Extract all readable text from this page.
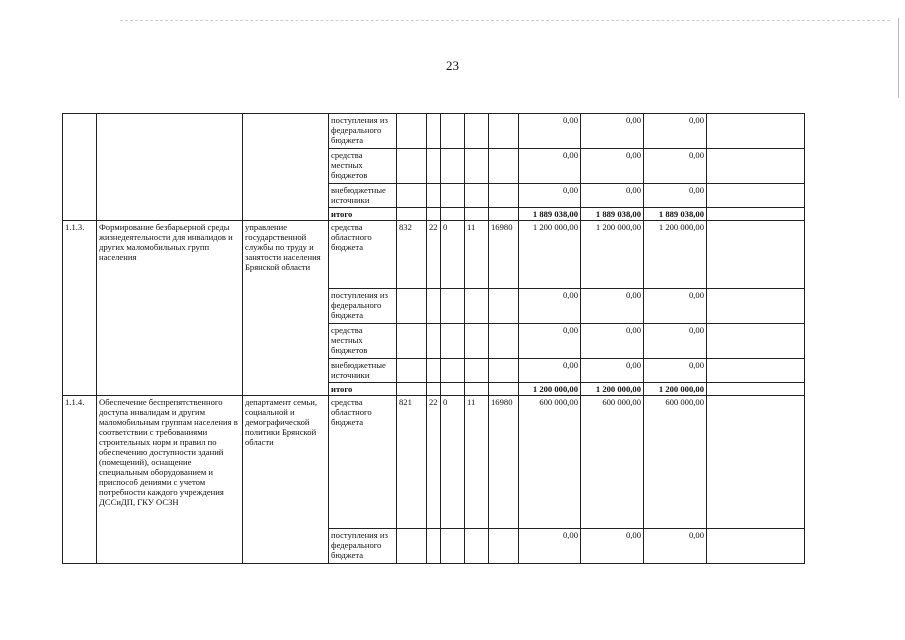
23
			поступления из федерального бюджета						0,00	0,00	0,00	
			средства местных бюджетов						0,00	0,00	0,00	
			внебюджетные источники						0,00	0,00	0,00	
			итого						1 889 038,00	1 889 038,00	1 889 038,00	
1.1.3.	Формирование безбарьерной среды жизнедеятельности для инвалидов и других маломобильных групп населения	управление государственной службы по труду и занятости населения Брянской области	средства областного бюджета	832	22	0	11	16980	1 200 000,00	1 200 000,00	1 200 000,00	
			поступления из федерального бюджета						0,00	0,00	0,00	
			средства местных бюджетов						0,00	0,00	0,00	
			внебюджетные источники						0,00	0,00	0,00	
			итого						1 200 000,00	1 200 000,00	1 200 000,00	
1.1.4.	Обеспечение беспрепятственного доступа инвалидам и другим маломобильным группам населения в соответствии с требованиями строительных норм и правил по обеспечению доступности зданий (помещений), оснащение специальным оборудованием и приспособ дениями с учетом потребности каждого учреждения ДССиДП, ГКУ ОСЗН	департамент семьи, социальной и демографической политики Брянской области	средства областного бюджета	821	22	0	11	16980	600 000,00	600 000,00	600 000,00	
			поступления из федерального бюджета						0,00	0,00	0,00	
